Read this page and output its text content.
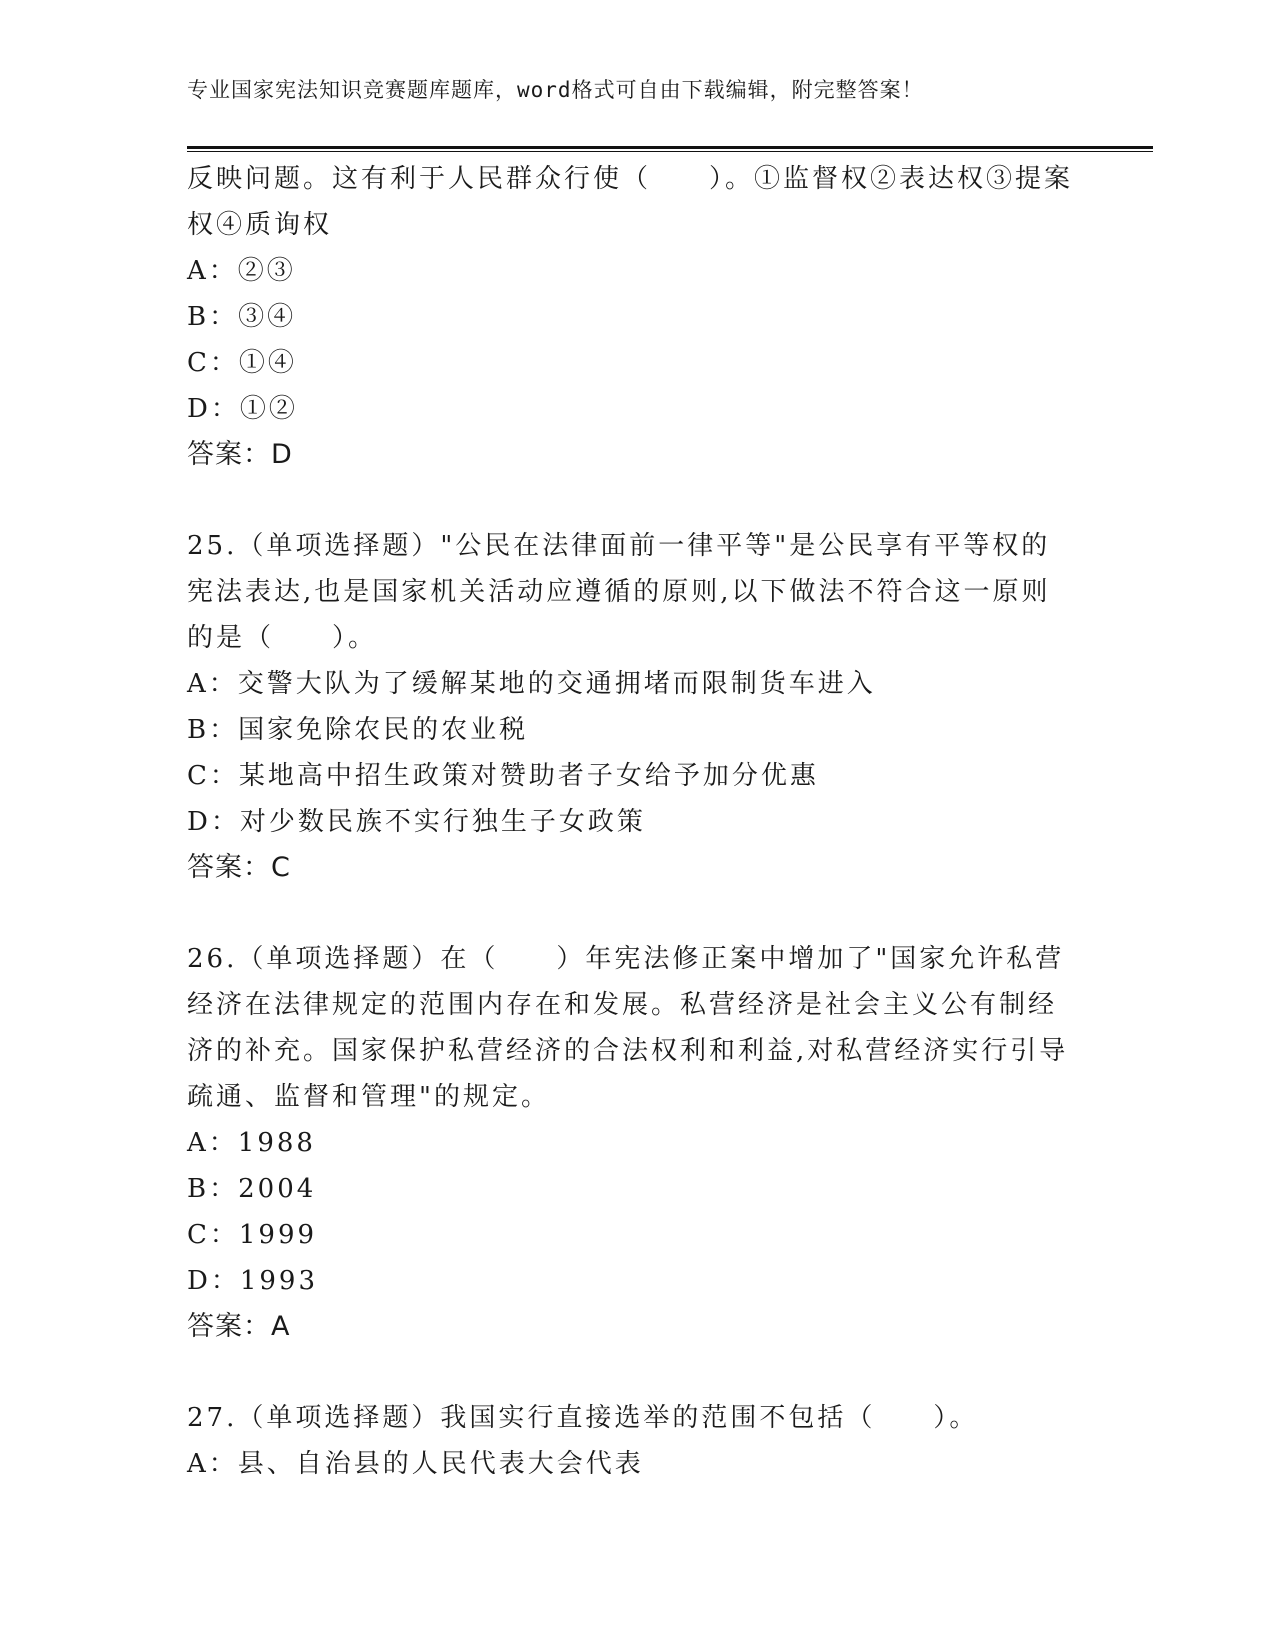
专业国家宪法知识竞赛题库题库，word格式可自由下载编辑，附完整答案！
反映问题。这有利于人民群众行使（　　）。①监督权②表达权③提案
权④质询权
A：②③
B：③④
C：①④
D：①②
答案：D
25.（单项选择题）"公民在法律面前一律平等"是公民享有平等权的
宪法表达,也是国家机关活动应遵循的原则,以下做法不符合这一原则
的是（　　）。
A：交警大队为了缓解某地的交通拥堵而限制货车进入
B：国家免除农民的农业税
C：某地高中招生政策对赞助者子女给予加分优惠
D：对少数民族不实行独生子女政策
答案：C
26.（单项选择题）在（　　）年宪法修正案中增加了"国家允许私营
经济在法律规定的范围内存在和发展。私营经济是社会主义公有制经
济的补充。国家保护私营经济的合法权利和利益,对私营经济实行引导
疏通、监督和管理"的规定。
A：1988
B：2004
C：1999
D：1993
答案：A
27.（单项选择题）我国实行直接选举的范围不包括（　　）。
A：县、自治县的人民代表大会代表
